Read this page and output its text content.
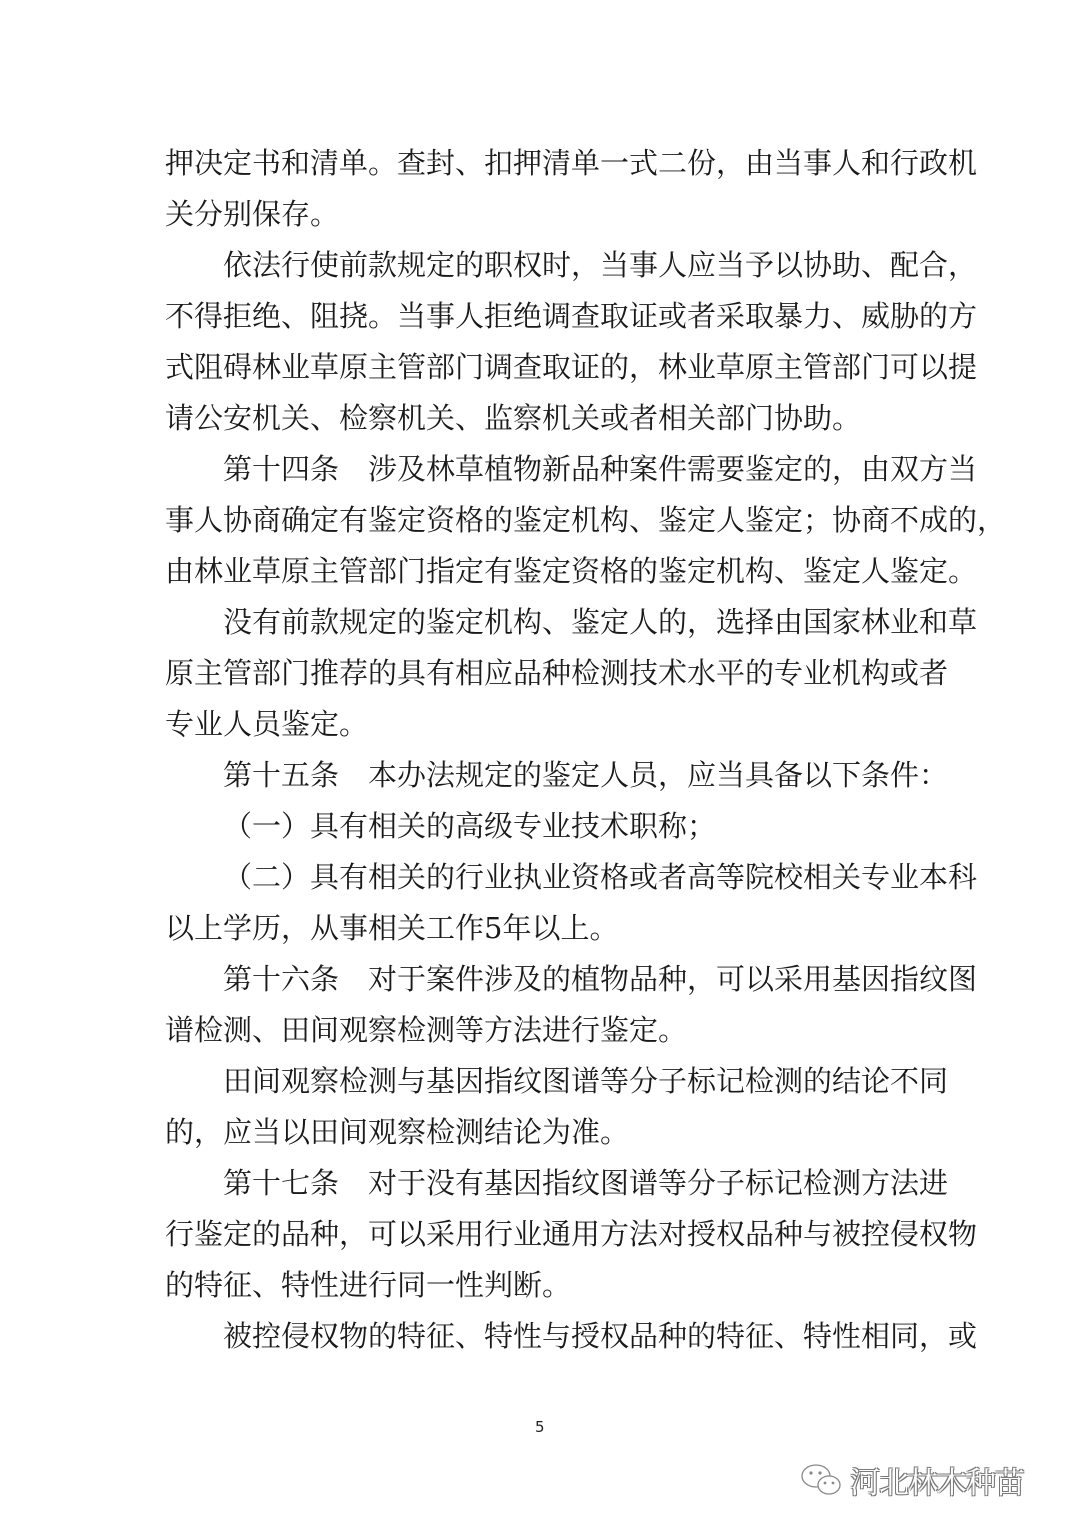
押决定书和清单。查封、扣押清单一式二份，由当事人和行政机
关分别保存。
依法行使前款规定的职权时，当事人应当予以协助、配合，
不得拒绝、阻挠。当事人拒绝调查取证或者采取暴力、威胁的方
式阻碍林业草原主管部门调查取证的，林业草原主管部门可以提
请公安机关、检察机关、监察机关或者相关部门协助。
第十四条　涉及林草植物新品种案件需要鉴定的，由双方当
事人协商确定有鉴定资格的鉴定机构、鉴定人鉴定；协商不成的，
由林业草原主管部门指定有鉴定资格的鉴定机构、鉴定人鉴定。
没有前款规定的鉴定机构、鉴定人的，选择由国家林业和草
原主管部门推荐的具有相应品种检测技术水平的专业机构或者
专业人员鉴定。
第十五条　本办法规定的鉴定人员，应当具备以下条件：
（一）具有相关的高级专业技术职称；
（二）具有相关的行业执业资格或者高等院校相关专业本科
以上学历，从事相关工作5年以上。
第十六条　对于案件涉及的植物品种，可以采用基因指纹图
谱检测、田间观察检测等方法进行鉴定。
田间观察检测与基因指纹图谱等分子标记检测的结论不同
的，应当以田间观察检测结论为准。
第十七条　对于没有基因指纹图谱等分子标记检测方法进
行鉴定的品种，可以采用行业通用方法对授权品种与被控侵权物
的特征、特性进行同一性判断。
被控侵权物的特征、特性与授权品种的特征、特性相同，或
5
河北林木种苗
